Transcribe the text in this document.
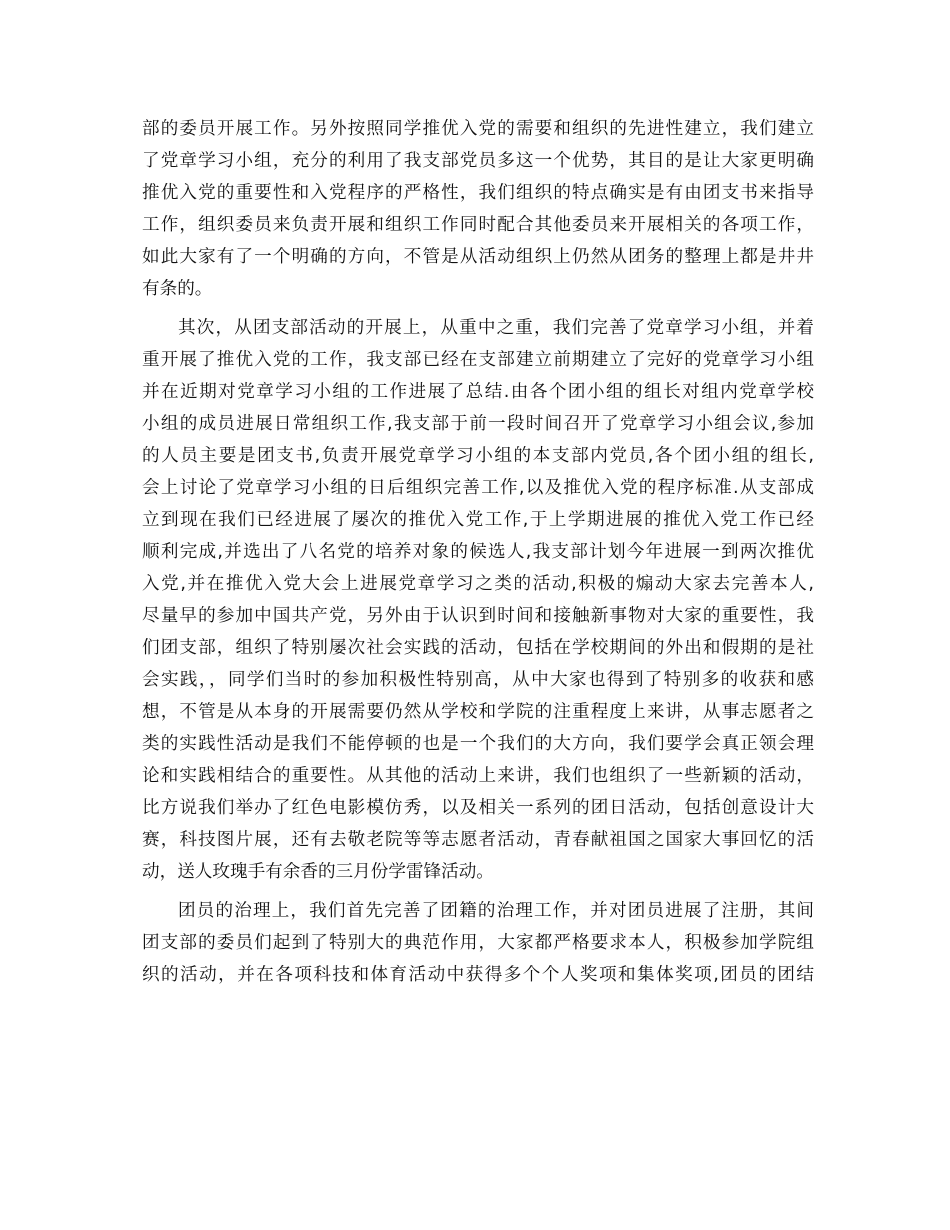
部的委员开展工作。另外按照同学推优入党的需要和组织的先进性建立，我们建立
了党章学习小组，充分的利用了我支部党员多这一个优势，其目的是让大家更明确
推优入党的重要性和入党程序的严格性，我们组织的特点确实是有由团支书来指导
工作，组织委员来负责开展和组织工作同时配合其他委员来开展相关的各项工作，
如此大家有了一个明确的方向，不管是从活动组织上仍然从团务的整理上都是井井
有条的。
其次，从团支部活动的开展上，从重中之重，我们完善了党章学习小组，并着
重开展了推优入党的工作，我支部已经在支部建立前期建立了完好的党章学习小组
并在近期对党章学习小组的工作进展了总结.由各个团小组的组长对组内党章学校
小组的成员进展日常组织工作,我支部于前一段时间召开了党章学习小组会议,参加
的人员主要是团支书,负责开展党章学习小组的本支部内党员,各个团小组的组长,
会上讨论了党章学习小组的日后组织完善工作,以及推优入党的程序标准.从支部成
立到现在我们已经进展了屡次的推优入党工作,于上学期进展的推优入党工作已经
顺利完成,并选出了八名党的培养对象的候选人,我支部计划今年进展一到两次推优
入党,并在推优入党大会上进展党章学习之类的活动,积极的煽动大家去完善本人,
尽量早的参加中国共产党，另外由于认识到时间和接触新事物对大家的重要性，我
们团支部，组织了特别屡次社会实践的活动，包括在学校期间的外出和假期的是社
会实践，，同学们当时的参加积极性特别高，从中大家也得到了特别多的收获和感
想，不管是从本身的开展需要仍然从学校和学院的注重程度上来讲，从事志愿者之
类的实践性活动是我们不能停顿的也是一个我们的大方向，我们要学会真正领会理
论和实践相结合的重要性。从其他的活动上来讲，我们也组织了一些新颖的活动，
比方说我们举办了红色电影模仿秀，以及相关一系列的团日活动，包括创意设计大
赛，科技图片展，还有去敬老院等等志愿者活动，青春献祖国之国家大事回忆的活
动，送人玫瑰手有余香的三月份学雷锋活动。
团员的治理上，我们首先完善了团籍的治理工作，并对团员进展了注册，其间
团支部的委员们起到了特别大的典范作用，大家都严格要求本人，积极参加学院组
织的活动，并在各项科技和体育活动中获得多个个人奖项和集体奖项,团员的团结
